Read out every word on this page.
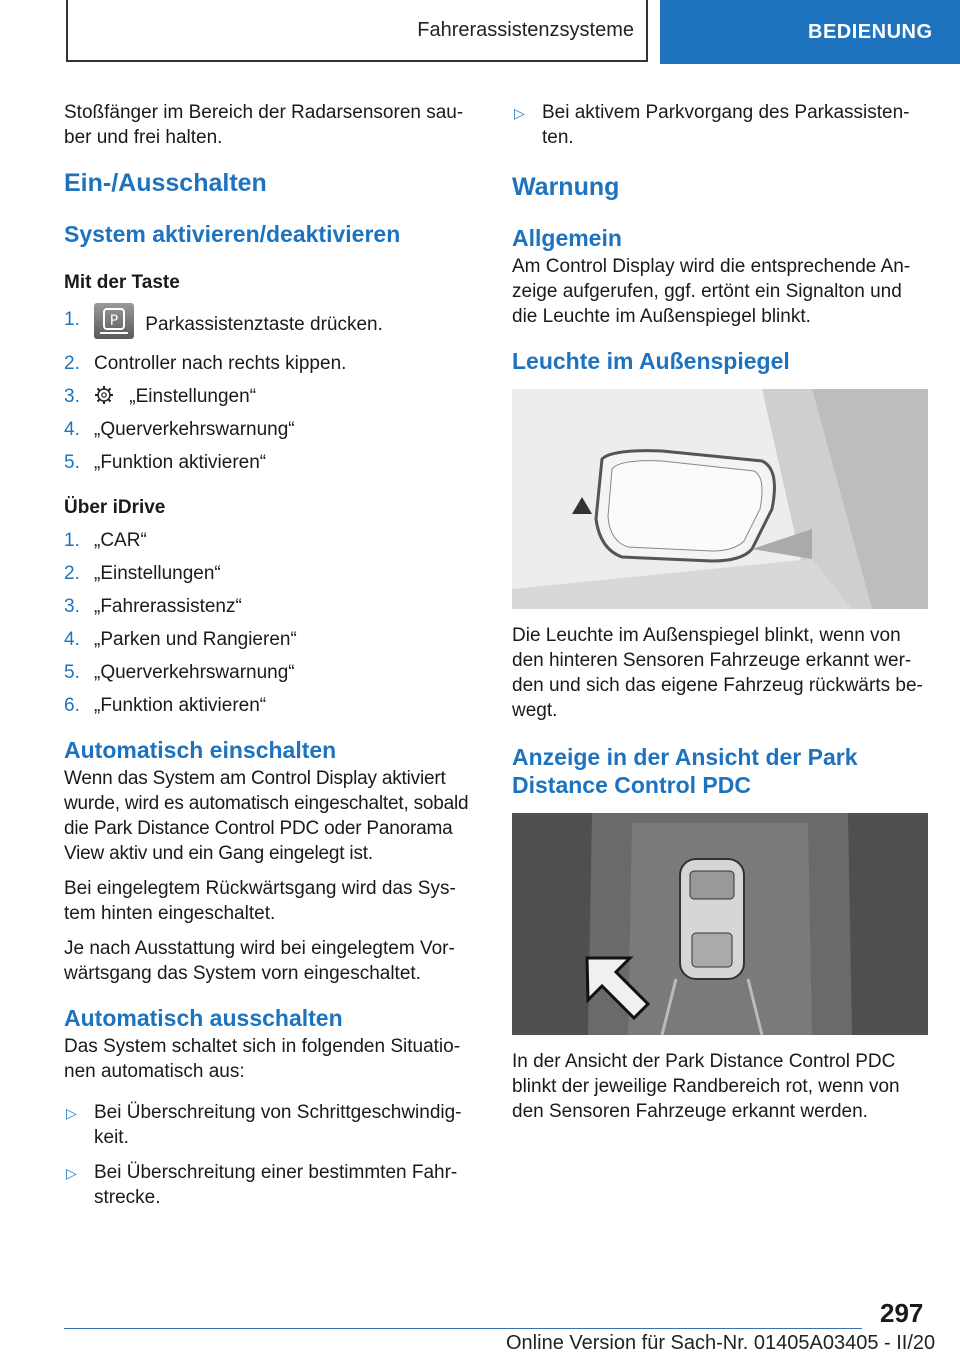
Fahrerassistenzsysteme	BEDIENUNG

Stoßfänger im Bereich der Radarsensoren sau-ber und frei halten.

Ein-/Ausschalten
System aktivieren/deaktivieren
Mit der Taste
1. P Parkassistenztaste drücken.
2. Controller nach rechts kippen.
3.	„Einstellungen“
4. „Querverkehrswarnung“
5. „Funktion aktivieren“
Über iDrive
1. „CAR“
2. „Einstellungen“
3. „Fahrerassistenz“
4. „Parken und Rangieren“
5. „Querverkehrswarnung“
6. „Funktion aktivieren“
Automatisch einschalten

Wenn das System am Control Display aktiviert wurde, wird es automatisch eingeschaltet, sobald die Park Distance Control PDC oder Panorama View aktiv und ein Gang eingelegt ist.

Bei eingelegtem Rückwärtsgang wird das Sys-tem hinten eingeschaltet.

Je nach Ausstattung wird bei eingelegtem Vor-wärtsgang das System vorn eingeschaltet.

Automatisch ausschalten

Das System schaltet sich in folgenden Situatio-nen automatisch aus:

▷ Bei Überschreitung von Schrittgeschwindig-keit.
▷ Bei Überschreitung einer bestimmten Fahr-strecke.
▷ Bei aktivem Parkvorgang des Parkassisten-ten.
Warnung
Allgemein

Am Control Display wird die entsprechende An-zeige aufgerufen, ggf. ertönt ein Signalton und die Leuchte im Außenspiegel blinkt.

Leuchte im Außenspiegel

Die Leuchte im Außenspiegel blinkt, wenn von den hinteren Sensoren Fahrzeuge erkannt wer-den und sich das eigene Fahrzeug rückwärts be-wegt.

Anzeige in der Ansicht der Park Distance Control PDC

In der Ansicht der Park Distance Control PDC blinkt der jeweilige Randbereich rot, wenn von den Sensoren Fahrzeuge erkannt werden.

297
Online Version für Sach-Nr. 01405A03405 - II/20
